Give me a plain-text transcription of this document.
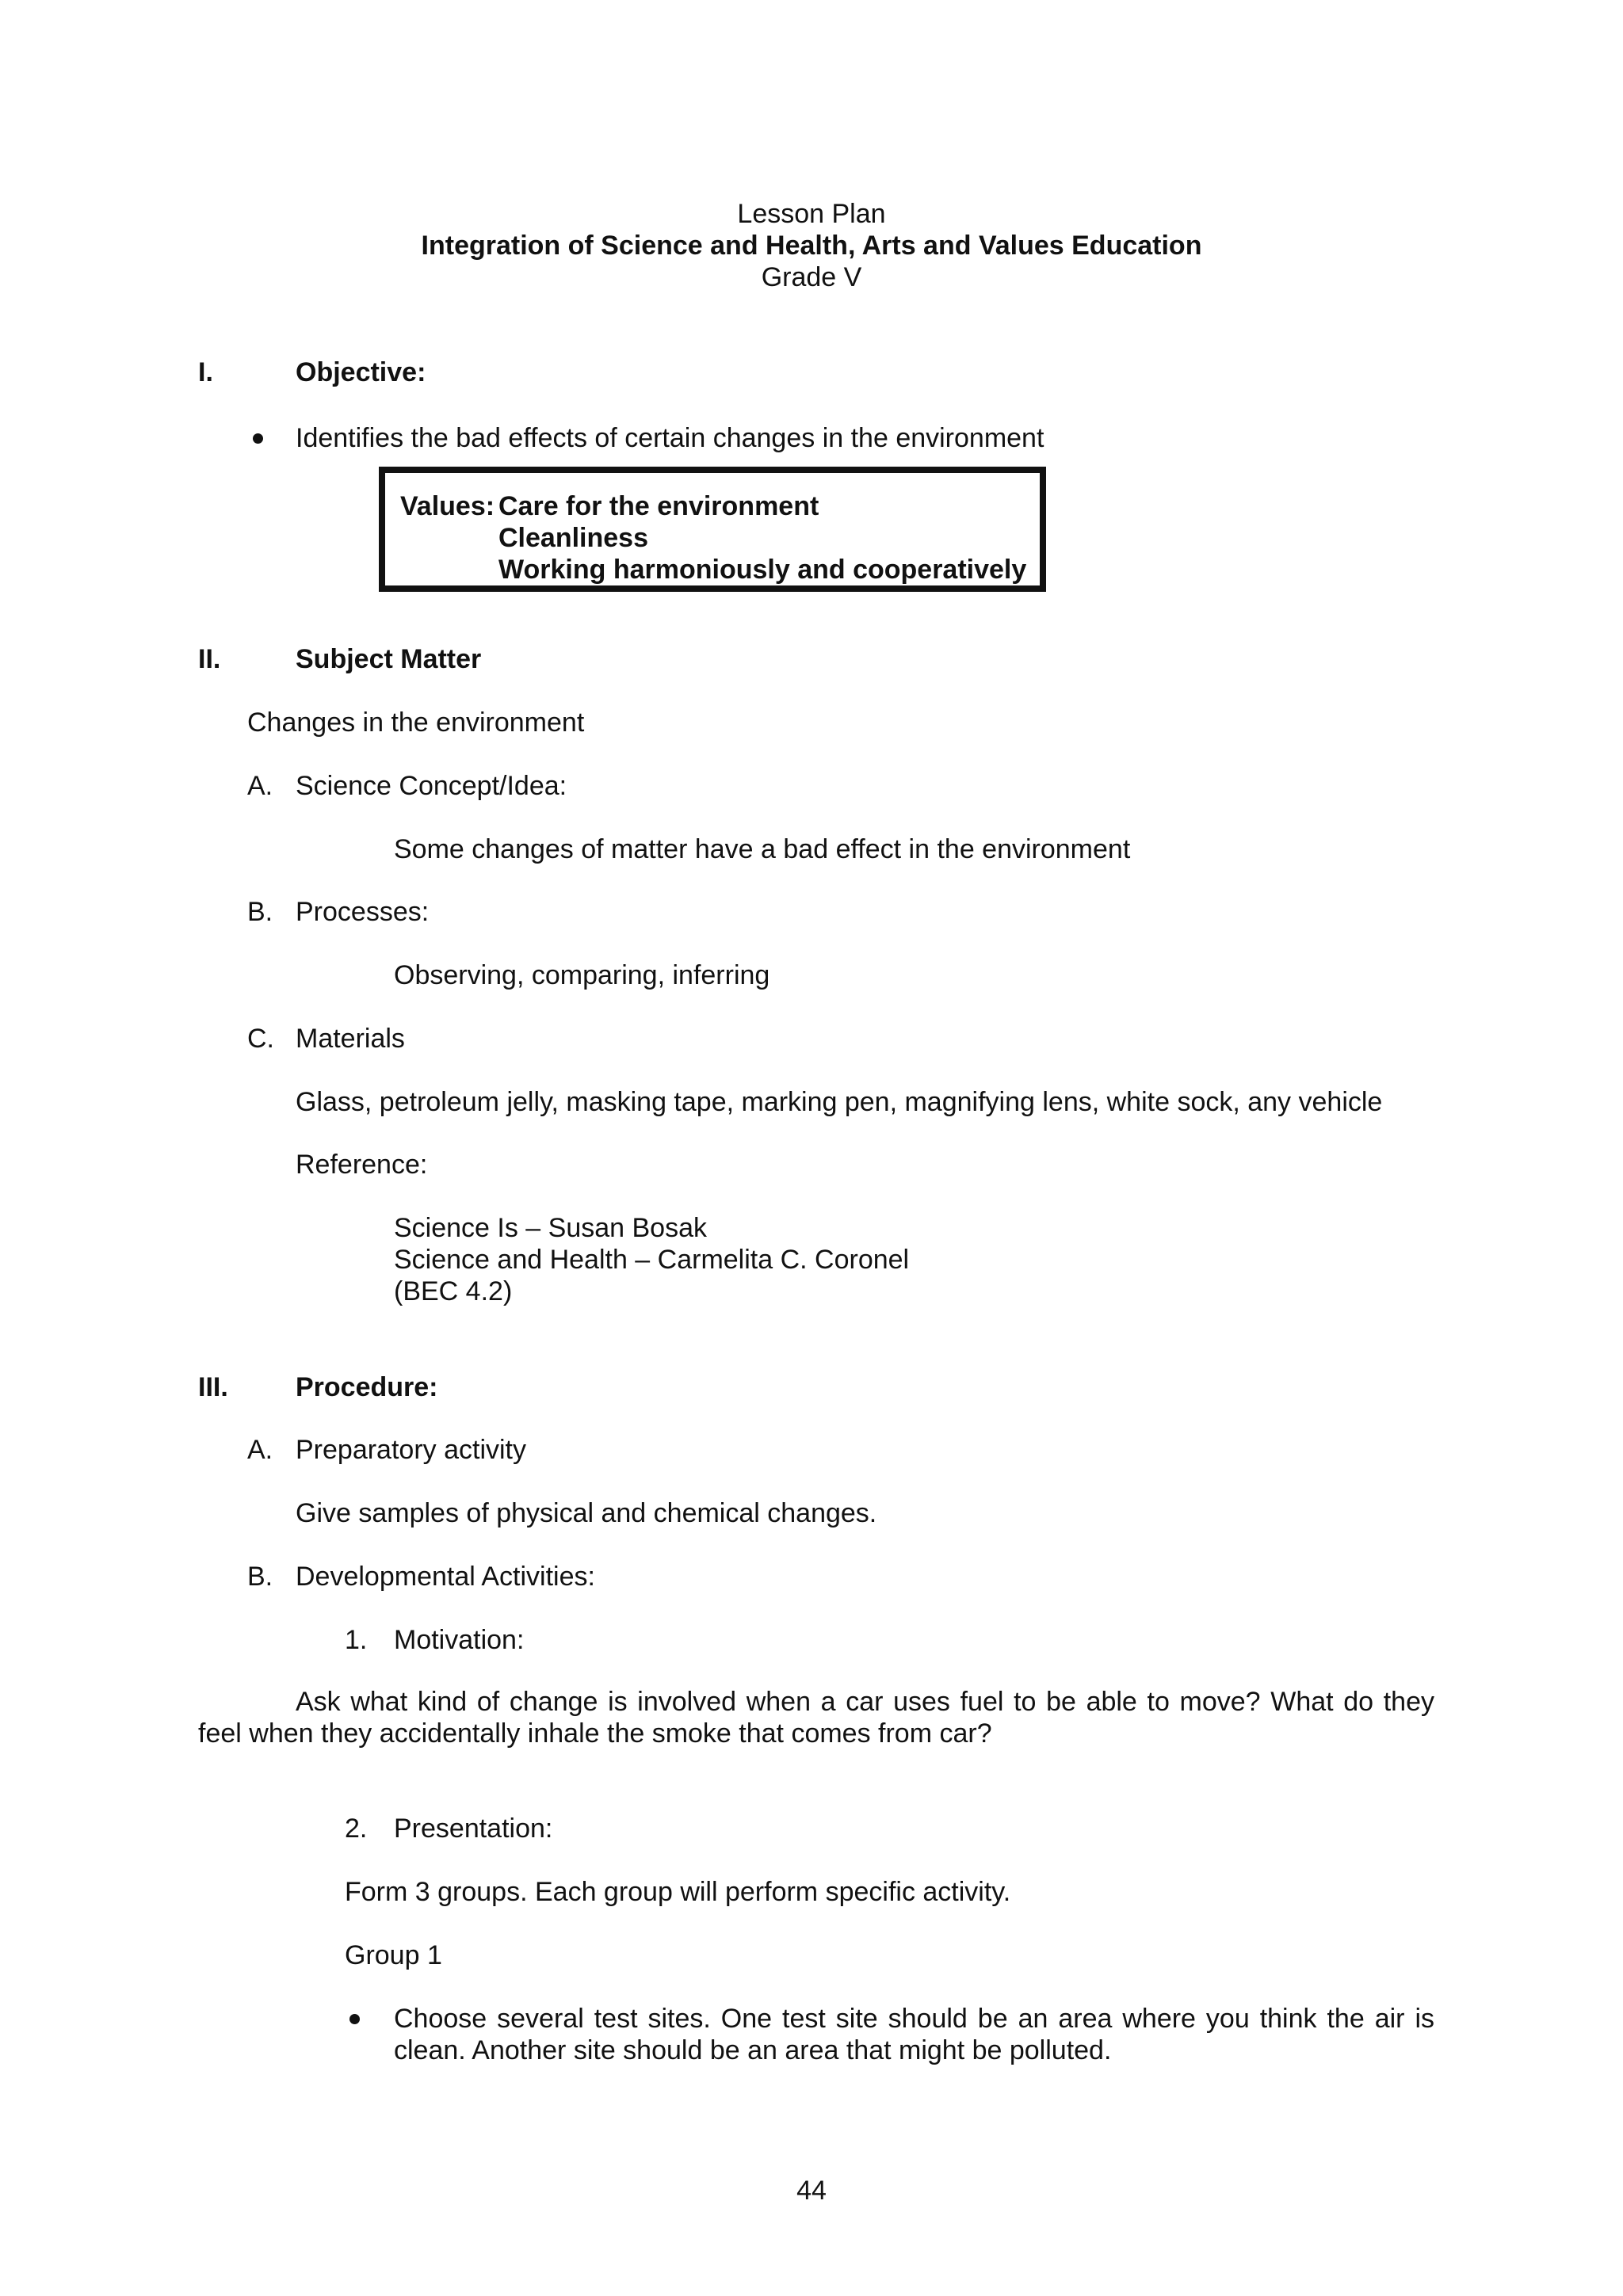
Lesson Plan
Integration of Science and Health, Arts and Values Education
Grade V
I.	Objective:
Identifies the bad effects of certain changes in the environment
Values: Care for the environment
Cleanliness
Working harmoniously and cooperatively
II.	Subject Matter
Changes in the environment
A. Science Concept/Idea:
Some changes of matter have a bad effect in the environment
B. Processes:
Observing, comparing, inferring
C. Materials
Glass, petroleum jelly, masking tape, marking pen, magnifying lens, white sock, any vehicle
Reference:
Science Is – Susan Bosak
Science and Health – Carmelita C. Coronel
(BEC 4.2)
III.	Procedure:
A. Preparatory activity
Give samples of physical and chemical changes.
B. Developmental Activities:
1. Motivation:
Ask what kind of change is involved when a car uses fuel to be able to move? What do they feel when they accidentally inhale the smoke that comes from car?
2. Presentation:
Form 3 groups. Each group will perform specific activity.
Group 1
Choose several test sites. One test site should be an area where you think the air is clean. Another site should be an area that might be polluted.
44
